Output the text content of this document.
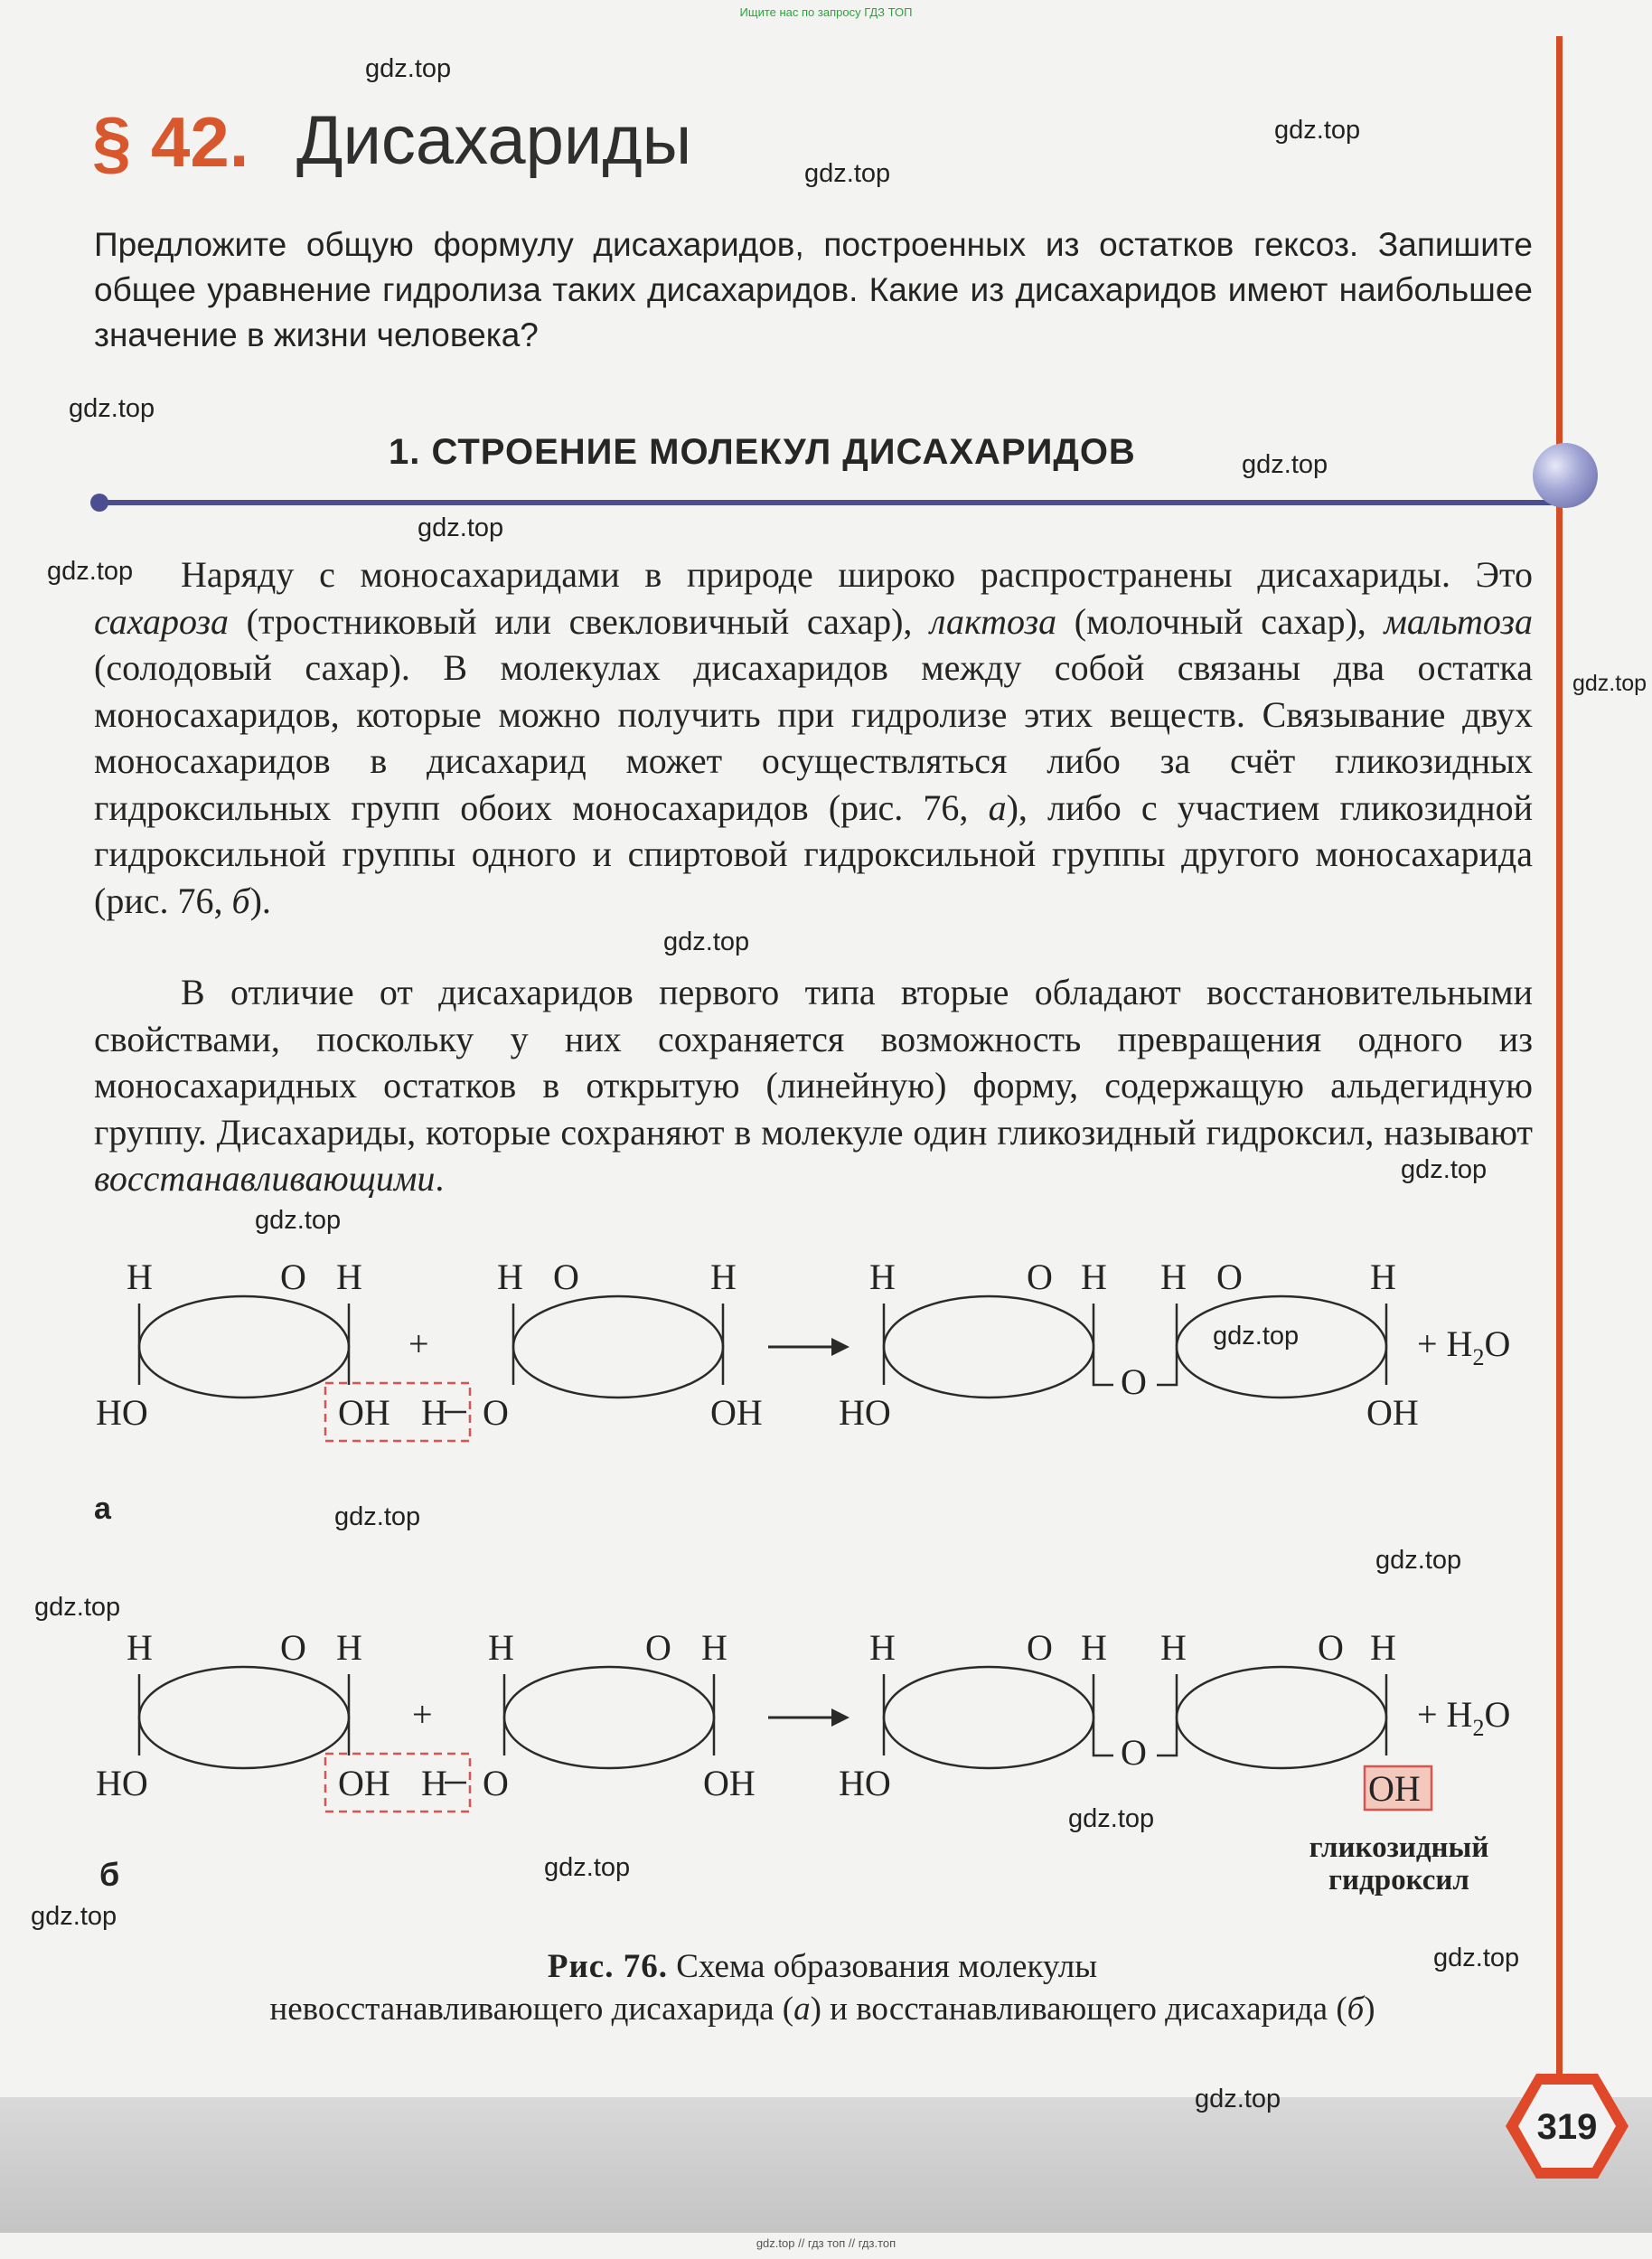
Ищите нас по запросу ГДЗ ТОП
§ 42. Дисахариды
Предложите общую формулу дисахаридов, построенных из остатков гексоз. Запишите общее уравнение гидролиза таких дисахаридов. Какие из дисахаридов имеют наибольшее значение в жизни человека?
1. СТРОЕНИЕ МОЛЕКУЛ ДИСАХАРИДОВ

Наряду с моносахаридами в природе широко распространены дисахариды. Это сахароза (тростниковый или свекловичный сахар), лактоза (молочный сахар), мальтоза (солодовый сахар). В молекулах дисахаридов между собой связаны два остатка моносахаридов, которые можно получить при гидролизе этих веществ. Связывание двух моносахаридов в дисахарид может осуществляться либо за счёт гликозидных гидроксильных групп обоих моносахаридов (рис. 76, а), либо с участием гликозидной гидроксильной группы одного и спиртовой гидроксильной группы другого моносахарида (рис. 76, б).

В отличие от дисахаридов первого типа вторые обладают восстановительными свойствами, поскольку у них сохраняется возможность превращения одного из моносахаридных остатков в открытую (линейную) форму, содержащую альдегидную группу. Дисахариды, которые сохраняют в молекуле один гликозидный гидроксил, называют восстанавливающими.

H	O H
HO	OH
+
H O	H
H O	OH
O
H	O H H O	H
HO	OH
+ $H_2O$
а
H	O H
HO	OH
+
H	O H
H O	OH
O
H	O H H	O H
HO	OH
+ $H_2O$
гликозидный
гидроксил
б
Рис. 76. Схема образования молекулы
невосстанавливающего дисахарида (а) и восстанавливающего дисахарида (б)
319
gdz.top // гдз топ // гдз.топ
gdz.top
gdz.top
gdz.top
gdz.top
gdz.top
gdz.top
gdz.top
gdz.top
gdz.top
gdz.top
gdz.top
gdz.top
gdz.top
gdz.top
gdz.top
gdz.top
gdz.top
gdz.top
gdz.top
gdz.top
